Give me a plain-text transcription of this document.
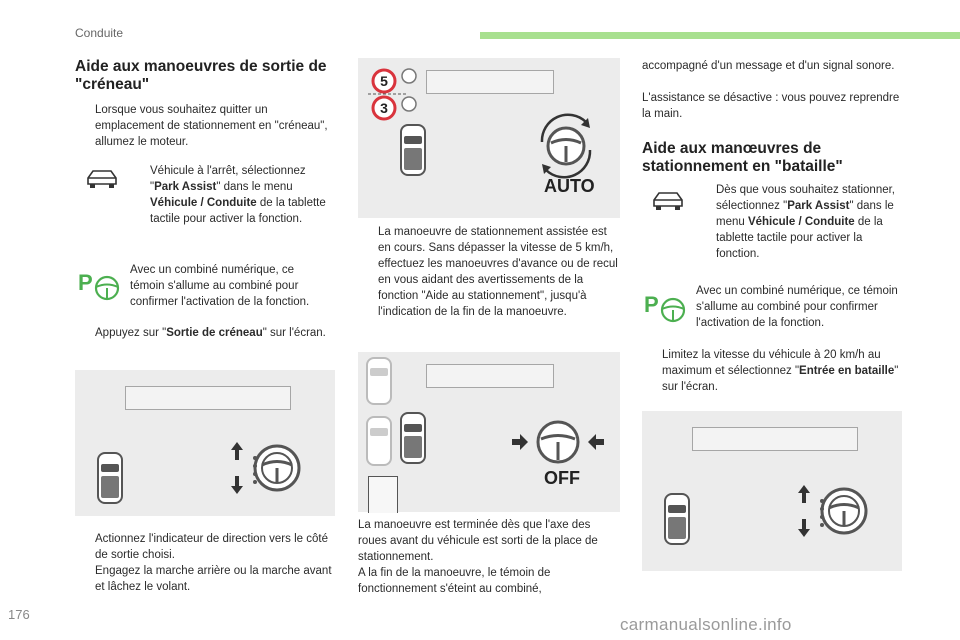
Conduite
176
carmanualsonline.info
Aide aux manoeuvres de sortie de "créneau"
Lorsque vous souhaitez quitter un emplacement de stationnement en "créneau", allumez le moteur.
Véhicule à l'arrêt, sélectionnez "Park Assist" dans le menu Véhicule / Conduite de la tablette tactile pour activer la fonction.
P	Avec un combiné numérique, ce témoin s'allume au combiné pour confirmer l'activation de la fonction.
Appuyez sur "Sortie de créneau" sur l'écran.
Actionnez l'indicateur de direction vers le côté de sortie choisi.
Engagez la marche arrière ou la marche avant et lâchez le volant.
5
3
AUTO
La manoeuvre de stationnement assistée est en cours. Sans dépasser la vitesse de 5 km/h, effectuez les manoeuvres d'avance ou de recul en vous aidant des avertissements de la fonction "Aide au stationnement", jusqu'à l'indication de la fin de la manoeuvre.
OFF
La manoeuvre est terminée dès que l'axe des roues avant du véhicule est sorti de la place de stationnement.
A la fin de la manoeuvre, le témoin de fonctionnement s'éteint au combiné,
accompagné d'un message et d'un signal sonore.
L'assistance se désactive : vous pouvez reprendre la main.
Aide aux manœuvres de stationnement en "bataille"
Dès que vous souhaitez stationner, sélectionnez "Park Assist" dans le menu Véhicule / Conduite de la tablette tactile pour activer la fonction.
P
Avec un combiné numérique, ce témoin s'allume au combiné pour confirmer l'activation de la fonction.
Limitez la vitesse du véhicule à 20 km/h au maximum et sélectionnez "Entrée en bataille" sur l'écran.
